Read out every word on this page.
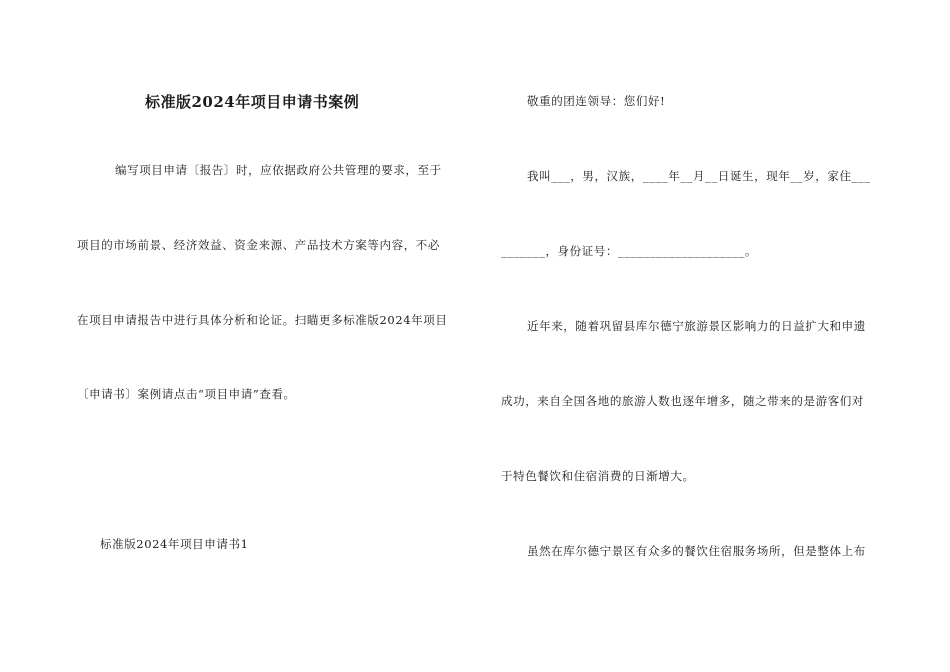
标准版2024年项目申请书案例
编写项目申请〔报告〕时，应依据政府公共管理的要求，至于
项目的市场前景、经济效益、资金来源、产品技术方案等内容，不必
在项目申请报告中进行具体分析和论证。扫瞄更多标准版2024年项目
〔申请书〕案例请点击“项目申请”查看。
标准版2024年项目申请书1
敬重的团连领导：您们好!
我叫___，男，汉族，____年__月__日诞生，现年__岁，家住___
_______，身份证号：____________________。
近年来，随着巩留县库尔德宁旅游景区影响力的日益扩大和申遗
成功，来自全国各地的旅游人数也逐年增多，随之带来的是游客们对
于特色餐饮和住宿消费的日渐增大。
虽然在库尔德宁景区有众多的餐饮住宿服务场所，但是整体上布
